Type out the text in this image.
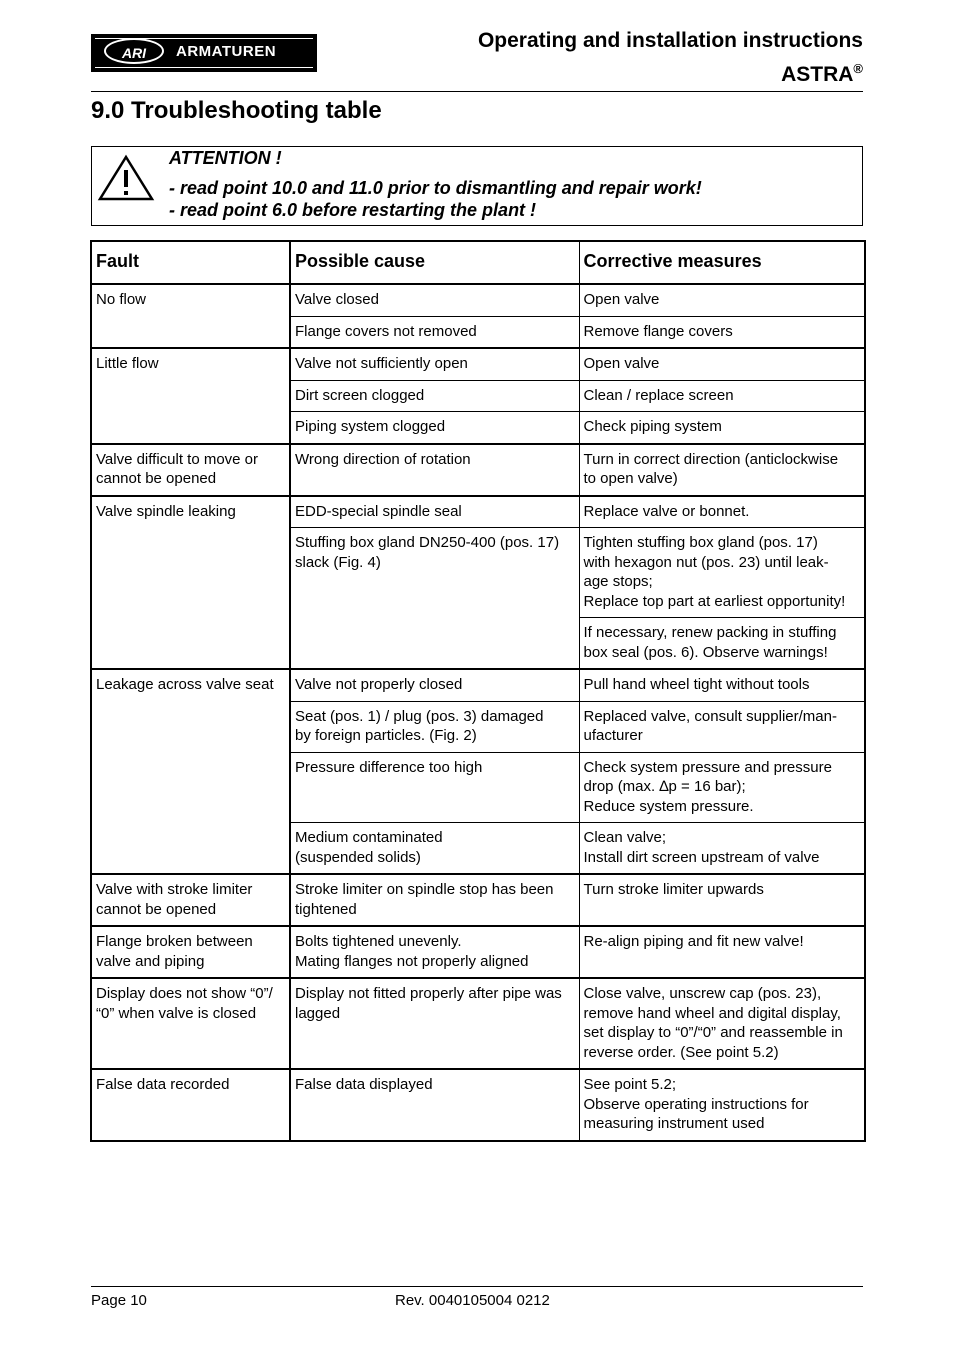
ARI	ARMATUREN	Operating and installation instructions
ASTRA®
9.0 Troubleshooting table
ATTENTION !
- read point 10.0 and 11.0 prior to dismantling and repair work!
- read point 6.0 before restarting the plant !
Fault	Possible cause	Corrective measures

No flow	Valve closed	Open valve

	Flange covers not removed	Remove flange covers

Little flow	Valve not sufficiently open	Open valve

	Dirt screen clogged	Clean / replace screen

	Piping system clogged	Check piping system

Valve difficult to move or
cannot be opened	Wrong direction of rotation	Turn in correct direction (anticlockwise
to open valve)

Valve spindle leaking	EDD-special spindle seal	Replace valve or bonnet.

	Stuffing box gland DN250-400 (pos. 17)
slack (Fig. 4)	Tighten stuffing box gland (pos. 17)
with hexagon nut (pos. 23) until leak-
age stops;
Replace top part at earliest opportunity!

		If necessary, renew packing in stuffing
box seal (pos. 6). Observe warnings!

Leakage across valve seat	Valve not properly closed	Pull hand wheel tight without tools

	Seat (pos. 1) / plug (pos. 3) damaged
by foreign particles. (Fig. 2)	Replaced valve, consult supplier/man-
ufacturer

	Pressure difference too high	Check system pressure and pressure
drop (max. ∆p = 16 bar);
Reduce system pressure.

	Medium contaminated
(suspended solids)	Clean valve;
Install dirt screen upstream of valve

Valve with stroke limiter
cannot be opened	Stroke limiter on spindle stop has been
tightened	Turn stroke limiter upwards

Flange broken between
valve and piping	Bolts tightened unevenly.
Mating flanges not properly aligned	Re-align piping and fit new valve!

Display does not show “0”/
“0” when valve is closed	Display not fitted properly after pipe was
lagged	Close valve, unscrew cap (pos. 23),
remove hand wheel and digital display,
set display to “0”/“0” and reassemble in
reverse order. (See point 5.2)

False data recorded	False data displayed	See point 5.2;
Observe operating instructions for
measuring instrument used
Page 10	Rev. 0040105004 0212
